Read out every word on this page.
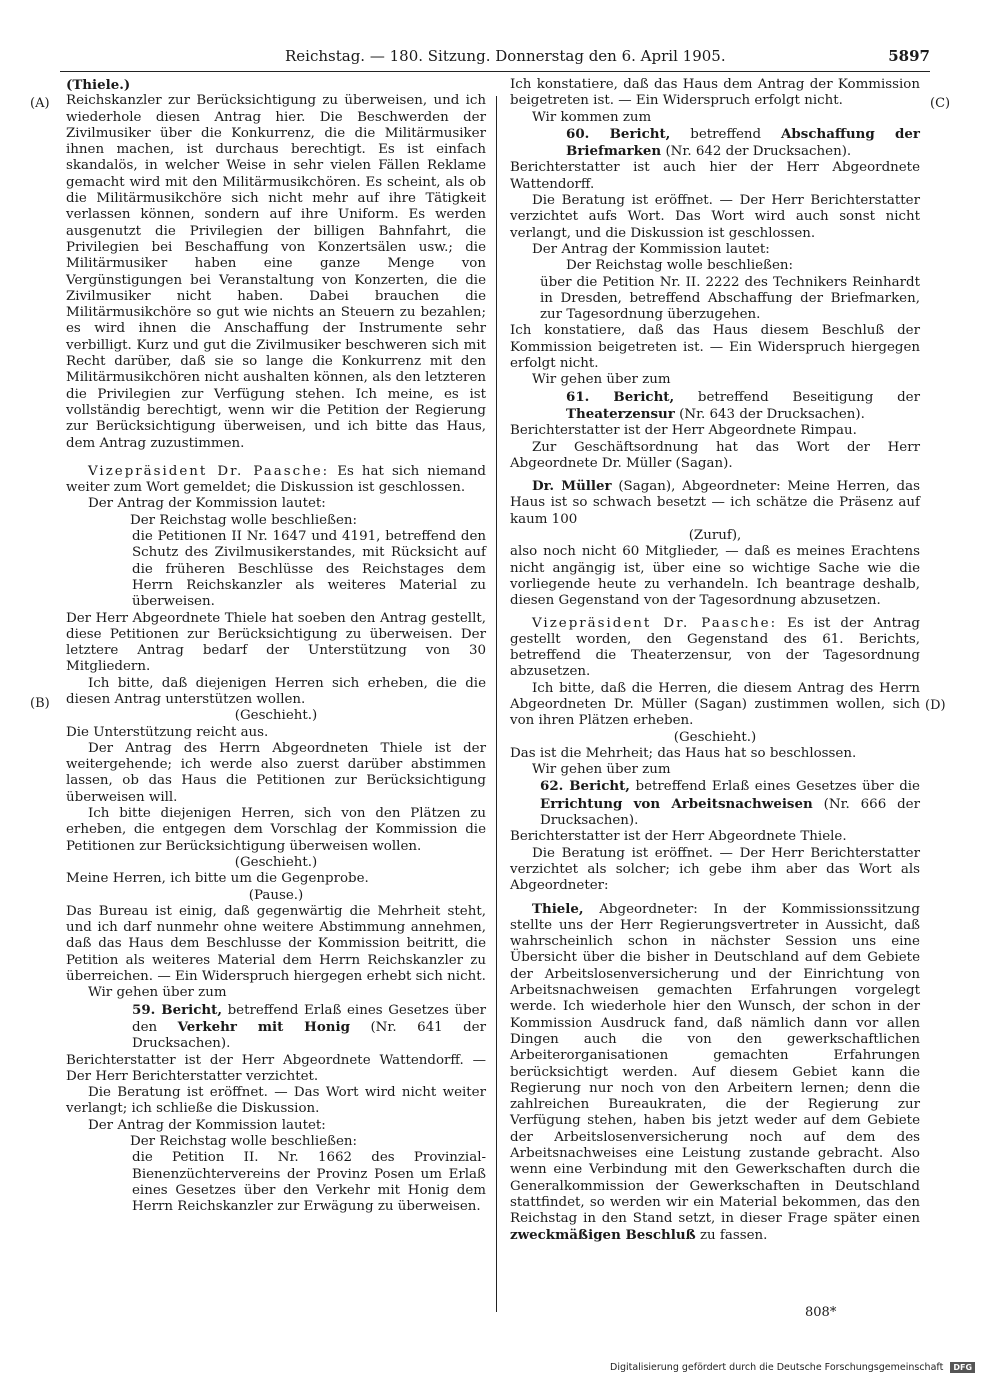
Reichstag. — 180. Sitzung. Donnerstag den 6. April 1905.	5897
(A)
(B)
(C)
(D)

(Thiele.)

Reichskanzler zur Berücksichtigung zu überweisen, und ich wiederhole diesen Antrag hier. Die Beschwerden der Zivilmusiker über die Konkurrenz, die die Militärmusiker ihnen machen, ist durchaus berechtigt. Es ist einfach skandalös, in welcher Weise in sehr vielen Fällen Reklame gemacht wird mit den Militärmusikchören. Es scheint, als ob die Militärmusikchöre sich nicht mehr auf ihre Tätigkeit verlassen können, sondern auf ihre Uniform. Es werden ausgenutzt die Privilegien der billigen Bahnfahrt, die Privilegien bei Beschaffung von Konzertsälen usw.; die Militärmusiker haben eine ganze Menge von Vergünstigungen bei Veranstaltung von Konzerten, die die Zivilmusiker nicht haben. Dabei brauchen die Militärmusikchöre so gut wie nichts an Steuern zu bezahlen; es wird ihnen die Anschaffung der Instrumente sehr verbilligt. Kurz und gut die Zivilmusiker beschweren sich mit Recht darüber, daß sie so lange die Konkurrenz mit den Militärmusikchören nicht aushalten können, als den letzteren die Privilegien zur Verfügung stehen. Ich meine, es ist vollständig berechtigt, wenn wir die Petition der Regierung zur Berücksichtigung überweisen, und ich bitte das Haus, dem Antrag zuzustimmen.

Vizepräsident Dr. Paasche: Es hat sich niemand weiter zum Wort gemeldet; die Diskussion ist geschlossen.

Der Antrag der Kommission lautet:

Der Reichstag wolle beschließen:

die Petitionen II Nr. 1647 und 4191, betreffend den Schutz des Zivilmusikerstandes, mit Rücksicht auf die früheren Beschlüsse des Reichstages dem Herrn Reichskanzler als weiteres Material zu überweisen.

Der Herr Abgeordnete Thiele hat soeben den Antrag gestellt, diese Petitionen zur Berücksichtigung zu überweisen. Der letztere Antrag bedarf der Unterstützung von 30 Mitgliedern.

Ich bitte, daß diejenigen Herren sich erheben, die die diesen Antrag unterstützen wollen.

(Geschieht.)

Die Unterstützung reicht aus.

Der Antrag des Herrn Abgeordneten Thiele ist der weitergehende; ich werde also zuerst darüber abstimmen lassen, ob das Haus die Petitionen zur Berücksichtigung überweisen will.

Ich bitte diejenigen Herren, sich von den Plätzen zu erheben, die entgegen dem Vorschlag der Kommission die Petitionen zur Berücksichtigung überweisen wollen.

(Geschieht.)

Meine Herren, ich bitte um die Gegenprobe.

(Pause.)

Das Bureau ist einig, daß gegenwärtig die Mehrheit steht, und ich darf nunmehr ohne weitere Abstimmung annehmen, daß das Haus dem Beschlusse der Kommission beitritt, die Petition als weiteres Material dem Herrn Reichskanzler zu überreichen. — Ein Widerspruch hiergegen erhebt sich nicht.

Wir gehen über zum

59. Bericht, betreffend Erlaß eines Gesetzes über den Verkehr mit Honig (Nr. 641 der Drucksachen).

Berichterstatter ist der Herr Abgeordnete Wattendorff. — Der Herr Berichterstatter verzichtet.

Die Beratung ist eröffnet. — Das Wort wird nicht weiter verlangt; ich schließe die Diskussion.

Der Antrag der Kommission lautet:

Der Reichstag wolle beschließen:

die Petition II. Nr. 1662 des Provinzial-Bienenzüchtervereins der Provinz Posen um Erlaß eines Gesetzes über den Verkehr mit Honig dem Herrn Reichskanzler zur Erwägung zu überweisen.

Ich konstatiere, daß das Haus dem Antrag der Kommission beigetreten ist. — Ein Widerspruch erfolgt nicht.

Wir kommen zum

60. Bericht, betreffend Abschaffung der Briefmarken (Nr. 642 der Drucksachen).

Berichterstatter ist auch hier der Herr Abgeordnete Wattendorff.

Die Beratung ist eröffnet. — Der Herr Berichterstatter verzichtet aufs Wort. Das Wort wird auch sonst nicht verlangt, und die Diskussion ist geschlossen.

Der Antrag der Kommission lautet:

Der Reichstag wolle beschließen:

über die Petition Nr. II. 2222 des Technikers Reinhardt in Dresden, betreffend Abschaffung der Briefmarken, zur Tagesordnung überzugehen.

Ich konstatiere, daß das Haus diesem Beschluß der Kommission beigetreten ist. — Ein Widerspruch hiergegen erfolgt nicht.

Wir gehen über zum

61. Bericht, betreffend Beseitigung der Theaterzensur (Nr. 643 der Drucksachen).

Berichterstatter ist der Herr Abgeordnete Rimpau.

Zur Geschäftsordnung hat das Wort der Herr Abgeordnete Dr. Müller (Sagan).

Dr. Müller (Sagan), Abgeordneter: Meine Herren, das Haus ist so schwach besetzt — ich schätze die Präsenz auf kaum 100

(Zuruf),

also noch nicht 60 Mitglieder, — daß es meines Erachtens nicht angängig ist, über eine so wichtige Sache wie die vorliegende heute zu verhandeln. Ich beantrage deshalb, diesen Gegenstand von der Tagesordnung abzusetzen.

Vizepräsident Dr. Paasche: Es ist der Antrag gestellt worden, den Gegenstand des 61. Berichts, betreffend die Theaterzensur, von der Tagesordnung abzusetzen.

Ich bitte, daß die Herren, die diesem Antrag des Herrn Abgeordneten Dr. Müller (Sagan) zustimmen wollen, sich von ihren Plätzen erheben.

(Geschieht.)

Das ist die Mehrheit; das Haus hat so beschlossen.

Wir gehen über zum

62. Bericht, betreffend Erlaß eines Gesetzes über die Errichtung von Arbeitsnachweisen (Nr. 666 der Drucksachen).

Berichterstatter ist der Herr Abgeordnete Thiele.

Die Beratung ist eröffnet. — Der Herr Berichterstatter verzichtet als solcher; ich gebe ihm aber das Wort als Abgeordneter:

Thiele, Abgeordneter: In der Kommissionssitzung stellte uns der Herr Regierungsvertreter in Aussicht, daß wahrscheinlich schon in nächster Session uns eine Übersicht über die bisher in Deutschland auf dem Gebiete der Arbeitslosenversicherung und der Einrichtung von Arbeitsnachweisen gemachten Erfahrungen vorgelegt werde. Ich wiederhole hier den Wunsch, der schon in der Kommission Ausdruck fand, daß nämlich dann vor allen Dingen auch die von den gewerkschaftlichen Arbeiterorganisationen gemachten Erfahrungen berücksichtigt werden. Auf diesem Gebiet kann die Regierung nur noch von den Arbeitern lernen; denn die zahlreichen Bureaukraten, die der Regierung zur Verfügung stehen, haben bis jetzt weder auf dem Gebiete der Arbeitslosenversicherung noch auf dem des Arbeitsnachweises eine Leistung zustande gebracht. Also wenn eine Verbindung mit den Gewerkschaften durch die Generalkommission der Gewerkschaften in Deutschland stattfindet, so werden wir ein Material bekommen, das den Reichstag in den Stand setzt, in dieser Frage später einen zweckmäßigen Beschluß zu fassen.

808*
Digitalisierung gefördert durch die Deutsche Forschungsgemeinschaft DFG
